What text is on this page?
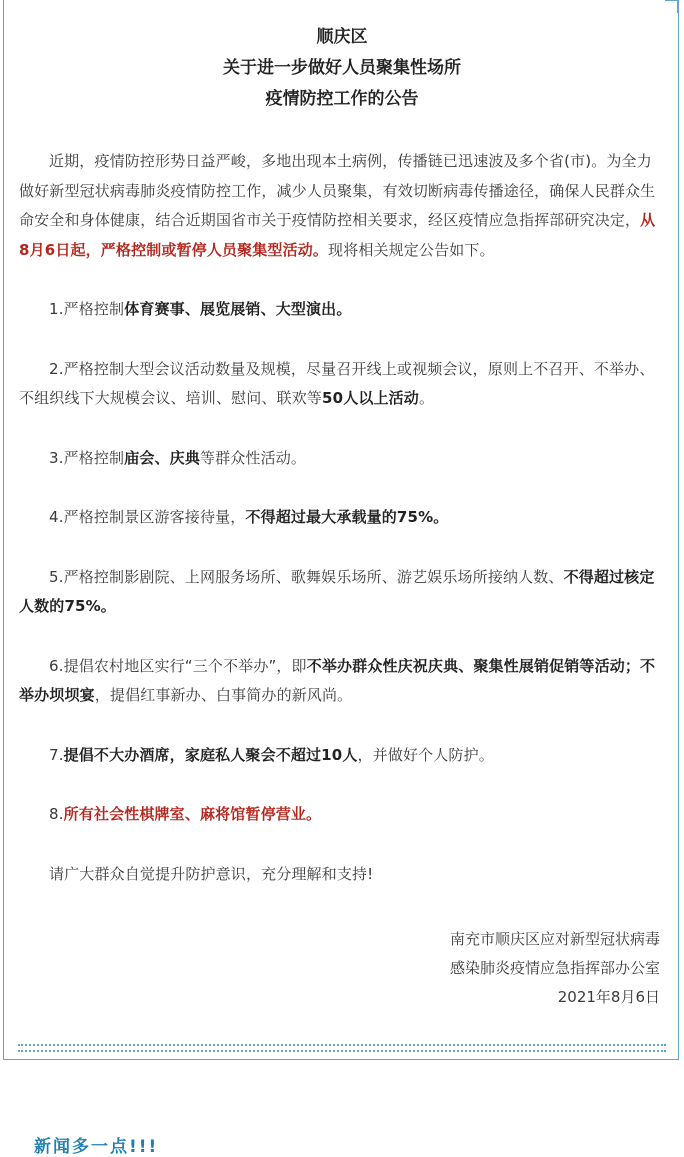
顺庆区
关于进一步做好人员聚集性场所
疫情防控工作的公告

近期，疫情防控形势日益严峻，多地出现本土病例，传播链已迅速波及多个省(市)。为全力做好新型冠状病毒肺炎疫情防控工作，减少人员聚集，有效切断病毒传播途径，确保人民群众生命安全和身体健康，结合近期国省市关于疫情防控相关要求，经区疫情应急指挥部研究决定，从8月6日起，严格控制或暂停人员聚集型活动。现将相关规定公告如下。

1.严格控制体育赛事、展览展销、大型演出。

2.严格控制大型会议活动数量及规模，尽量召开线上或视频会议，原则上不召开、不举办、不组织线下大规模会议、培训、慰问、联欢等50人以上活动。

3.严格控制庙会、庆典等群众性活动。

4.严格控制景区游客接待量，不得超过最大承载量的75%。

5.严格控制影剧院、上网服务场所、歌舞娱乐场所、游艺娱乐场所接纳人数、不得超过核定人数的75%。

6.提倡农村地区实行“三个不举办”，即不举办群众性庆祝庆典、聚集性展销促销等活动；不举办坝坝宴，提倡红事新办、白事简办的新风尚。

7.提倡不大办酒席，家庭私人聚会不超过10人，并做好个人防护。

8.所有社会性棋牌室、麻将馆暂停营业。

请广大群众自觉提升防护意识，充分理解和支持!

南充市顺庆区应对新型冠状病毒
感染肺炎疫情应急指挥部办公室
2021年8月6日
新闻多一点!!!
